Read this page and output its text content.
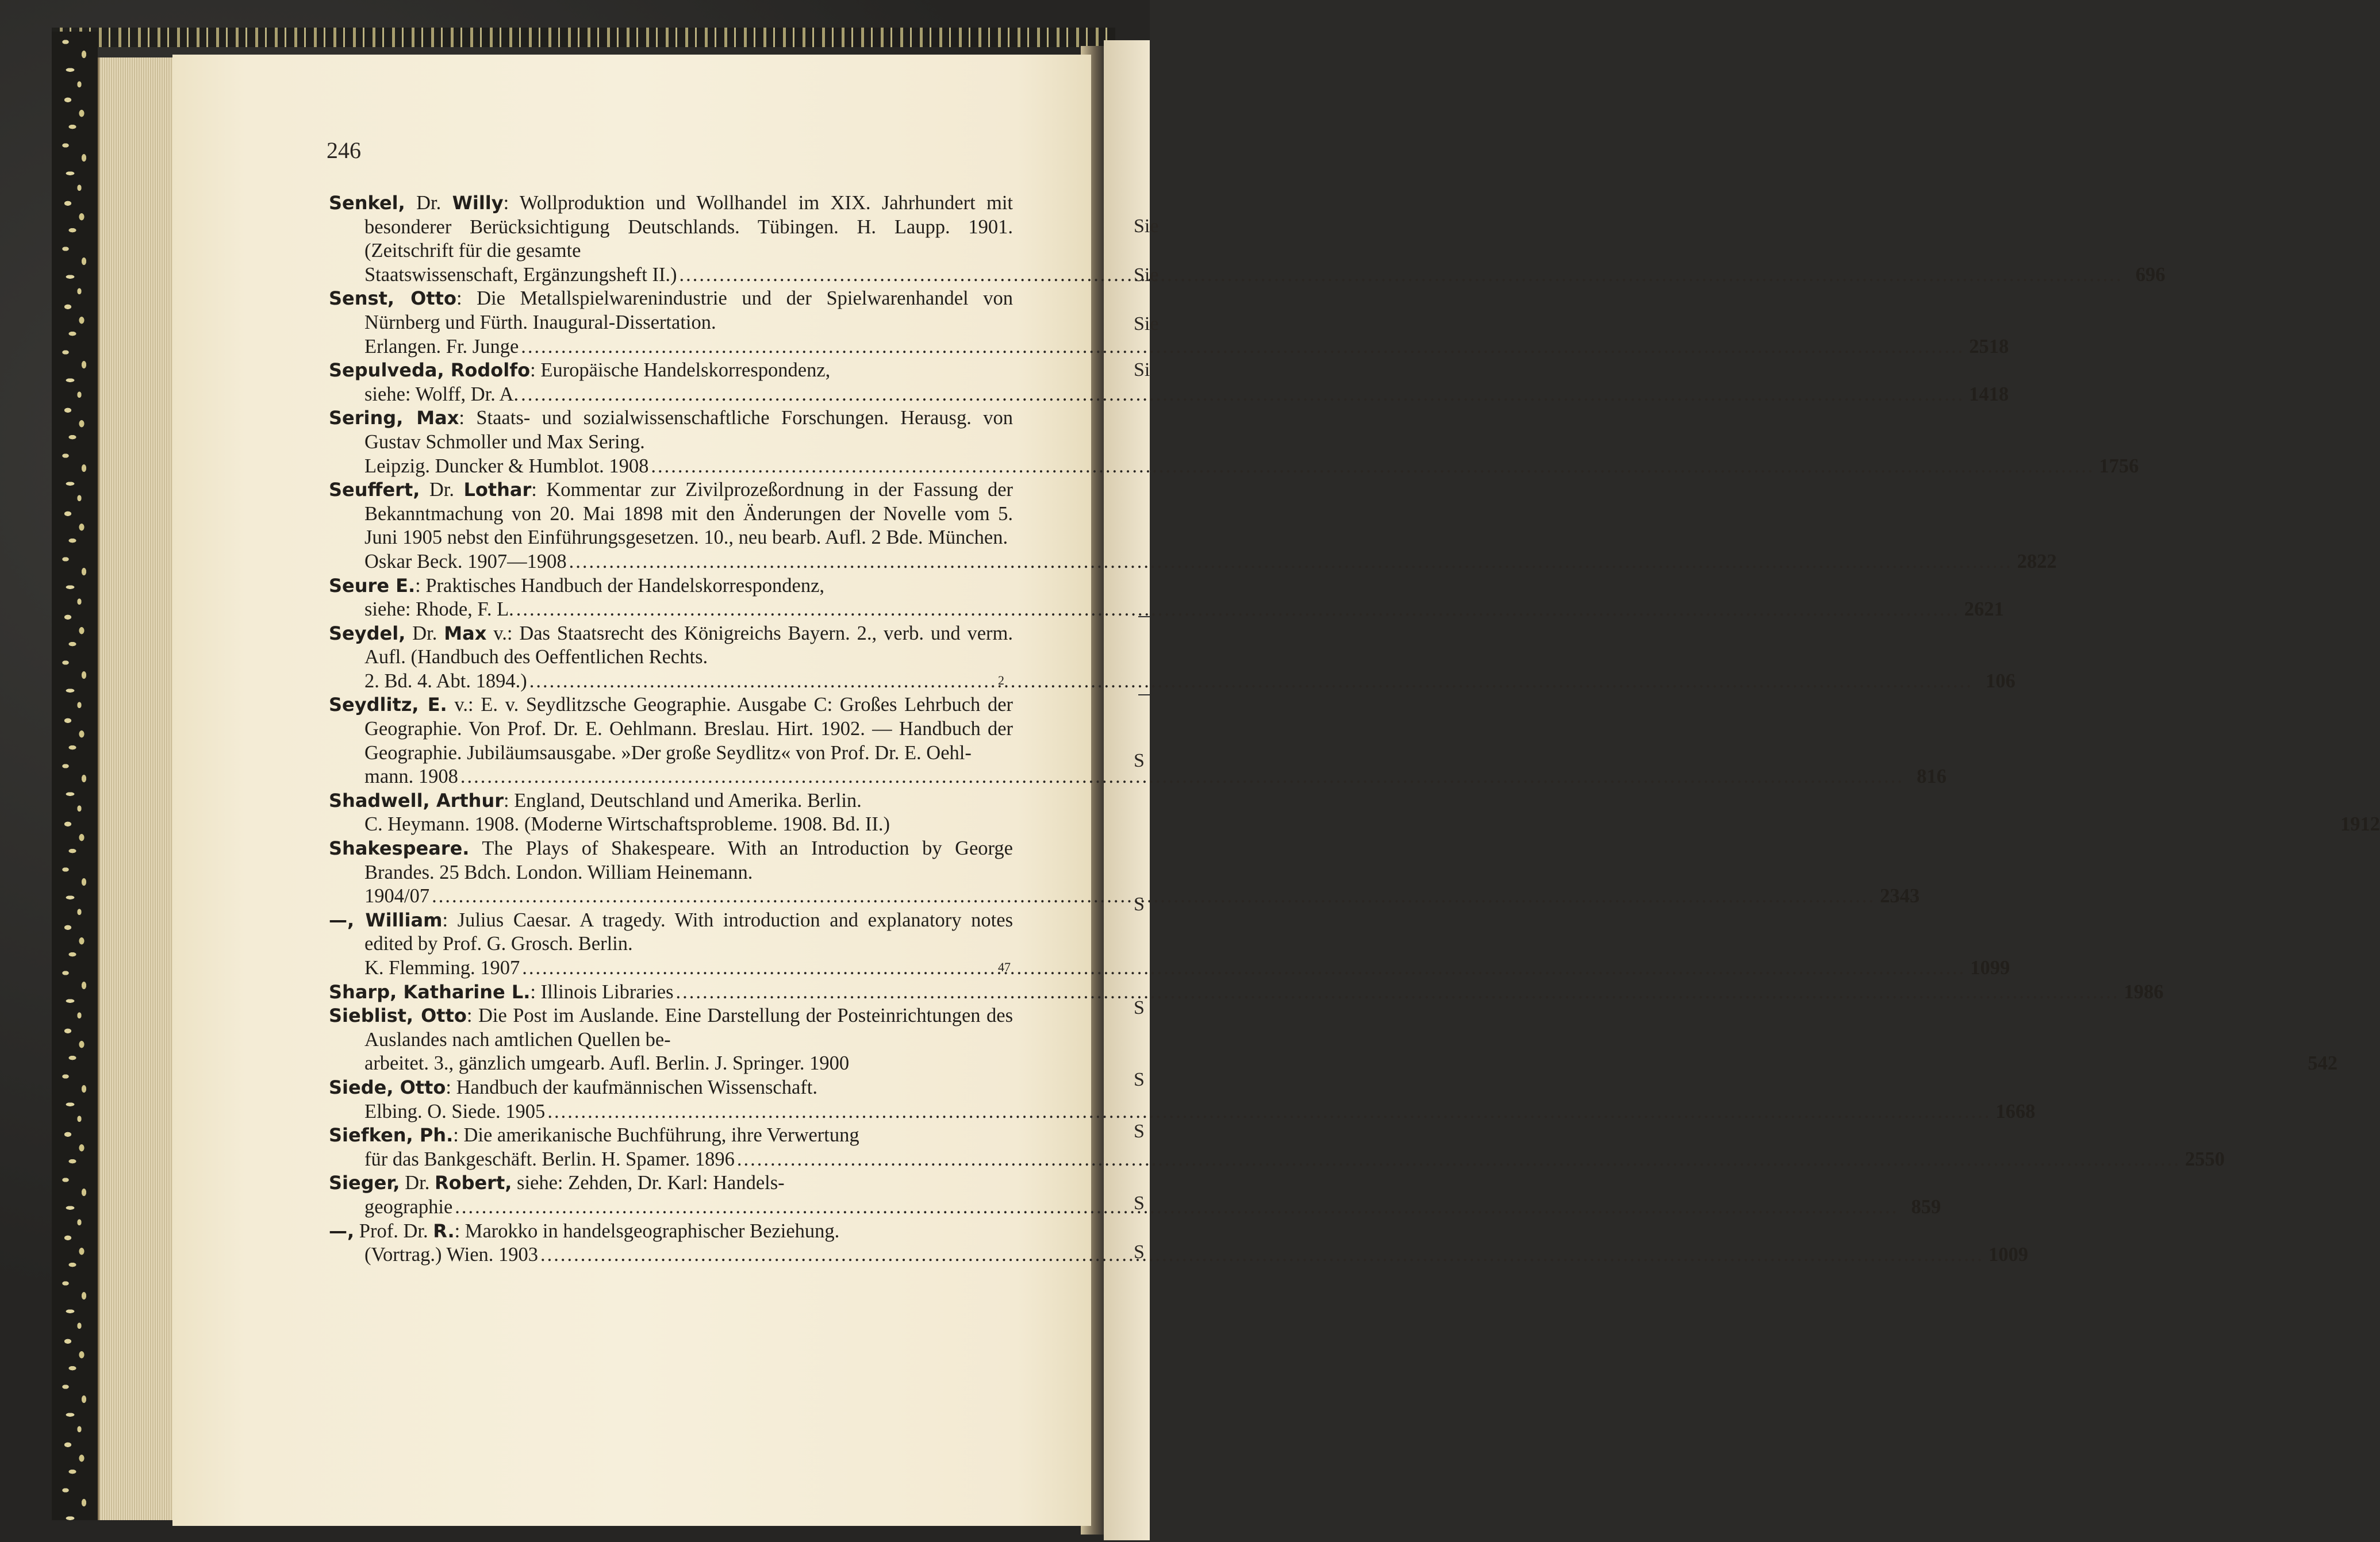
Sie
Sie
Sie
Si
S
S
S
S
S
S
S
246
Senkel, Dr. Willy: Wollproduktion und Wollhandel im XIX. Jahrhundert mit besonderer Berücksichtigung Deutschlands. Tübingen. H. Laupp. 1901. (Zeitschrift für die gesamte
Staatswissenschaft, Ergänzungsheft II.) .....	696
Senst, Otto: Die Metallspielwarenindustrie und der Spielwarenhandel von Nürnberg und Fürth. Inaugural-Dissertation.
Erlangen. Fr. Junge .....	2518
Sepulveda, Rodolfo: Europäische Handelskorrespondenz,
siehe: Wolff, Dr. A. .....	1418
Sering, Max: Staats- und sozialwissenschaftliche Forschungen. Herausg. von Gustav Schmoller und Max Sering.
Leipzig. Duncker & Humblot. 1908 .....	1756
Seuffert, Dr. Lothar: Kommentar zur Zivilprozeßordnung in der Fassung der Bekanntmachung von 20. Mai 1898 mit den Änderungen der Novelle vom 5. Juni 1905 nebst den Einführungsgesetzen. 10., neu bearb. Aufl. 2 Bde. München.
Oskar Beck. 1907—1908 .....	2822
Seure E.: Praktisches Handbuch der Handelskorrespondenz,
siehe: Rhode, F. L. .....	2621
Seydel, Dr. Max v.: Das Staatsrecht des Königreichs Bayern. 2., verb. und verm. Aufl. (Handbuch des Oeffentlichen Rechts.
2. Bd. 4. Abt. 1894.) .....	106
2
Seydlitz, E. v.: E. v. Seydlitzsche Geographie. Ausgabe C: Großes Lehrbuch der Geographie. Von Prof. Dr. E. Oehlmann. Breslau. Hirt. 1902. — Handbuch der Geographie. Jubiläumsausgabe. »Der große Seydlitz« von Prof. Dr. E. Oehl-
mann. 1908 .....	816
Shadwell, Arthur: England, Deutschland und Amerika. Berlin.
C. Heymann. 1908. (Moderne Wirtschaftsprobleme. 1908. Bd. II.)	1912
Shakespeare. The Plays of Shakespeare. With an Introduction by George Brandes. 25 Bdch. London. William Heinemann.
1904/07 .....	2343
—, William: Julius Caesar. A tragedy. With introduction and explanatory notes edited by Prof. G. Grosch. Berlin.
K. Flemming. 1907 .....	1099
47
Sharp, Katharine L.: Illinois Libraries .....	1986
Sieblist, Otto: Die Post im Auslande. Eine Darstellung der Posteinrichtungen des Auslandes nach amtlichen Quellen be-
arbeitet. 3., gänzlich umgearb. Aufl. Berlin. J. Springer. 1900	542
Siede, Otto: Handbuch der kaufmännischen Wissenschaft.
Elbing. O. Siede. 1905 .....	1668
Siefken, Ph.: Die amerikanische Buchführung, ihre Verwertung
für das Bankgeschäft. Berlin. H. Spamer. 1896 .....	2550
Sieger, Dr. Robert, siehe: Zehden, Dr. Karl: Handels-
geographie .....	859
—, Prof. Dr. R.: Marokko in handelsgeographischer Beziehung.
(Vortrag.) Wien. 1903 .....	1009
